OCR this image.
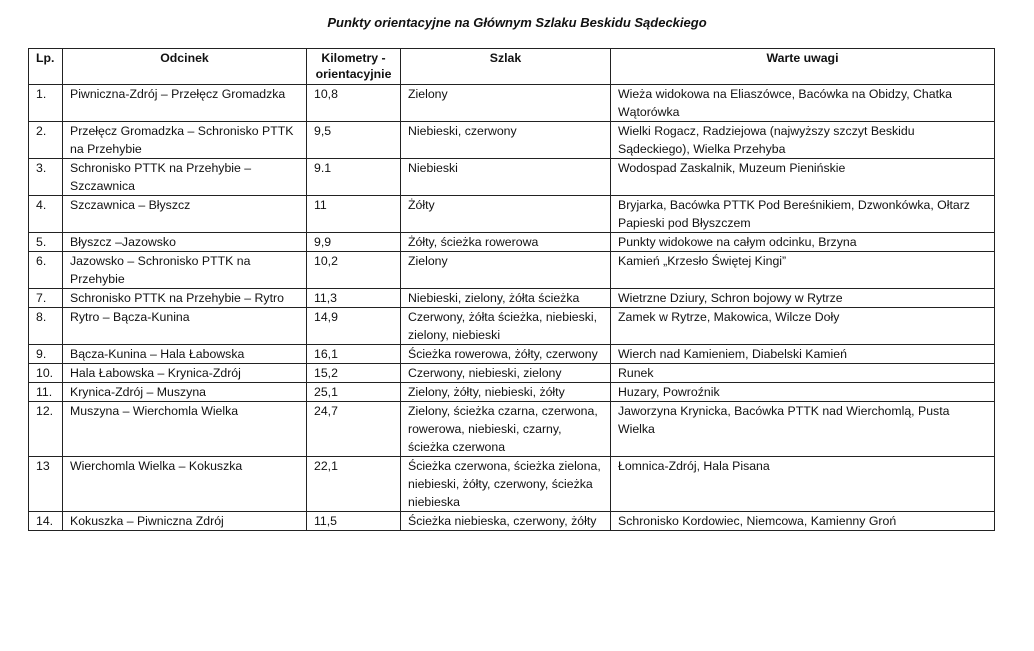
Punkty orientacyjne na Głównym Szlaku Beskidu Sądeckiego
Lp.	Odcinek	Kilometry - orientacyjnie	Szlak	Warte uwagi
1.	Piwniczna-Zdrój – Przełęcz Gromadzka	10,8	Zielony	Wieża widokowa na Eliaszówce, Bacówka na Obidzy, Chatka Wątorówka
2.	Przełęcz Gromadzka – Schronisko PTTK na Przehybie	9,5	Niebieski, czerwony	Wielki Rogacz, Radziejowa (najwyższy szczyt Beskidu Sądeckiego), Wielka Przehyba
3.	Schronisko PTTK na Przehybie – Szczawnica	9.1	Niebieski	Wodospad Zaskalnik, Muzeum Pienińskie
4.	Szczawnica – Błyszcz	11	Żółty	Bryjarka, Bacówka PTTK Pod Bereśnikiem, Dzwonkówka, Ołtarz Papieski pod Błyszczem
5.	Błyszcz –Jazowsko	9,9	Żółty, ścieżka rowerowa	Punkty widokowe na całym odcinku, Brzyna
6.	Jazowsko – Schronisko PTTK na Przehybie	10,2	Zielony	Kamień „Krzesło Świętej Kingi”
7.	Schronisko PTTK na Przehybie – Rytro	11,3	Niebieski, zielony, żółta ścieżka	Wietrzne Dziury, Schron bojowy w Rytrze
8.	Rytro – Bącza-Kunina	14,9	Czerwony, żółta ścieżka, niebieski, zielony, niebieski	Zamek w Rytrze, Makowica, Wilcze Doły
9.	Bącza-Kunina – Hala Łabowska	16,1	Ścieżka rowerowa, żółty, czerwony	Wierch nad Kamieniem, Diabelski Kamień
10.	Hala Łabowska – Krynica-Zdrój	15,2	Czerwony, niebieski, zielony	Runek
11.	Krynica-Zdrój – Muszyna	25,1	Zielony, żółty, niebieski, żółty	Huzary, Powroźnik
12.	Muszyna – Wierchomla Wielka	24,7	Zielony, ścieżka czarna, czerwona, rowerowa, niebieski, czarny, ścieżka czerwona	Jaworzyna Krynicka, Bacówka PTTK nad Wierchomlą, Pusta Wielka
13	Wierchomla Wielka – Kokuszka	22,1	Ścieżka czerwona, ścieżka zielona, niebieski, żółty, czerwony, ścieżka niebieska	Łomnica-Zdrój, Hala Pisana
14.	Kokuszka – Piwniczna Zdrój	11,5	Ścieżka niebieska, czerwony, żółty	Schronisko Kordowiec, Niemcowa, Kamienny Groń
